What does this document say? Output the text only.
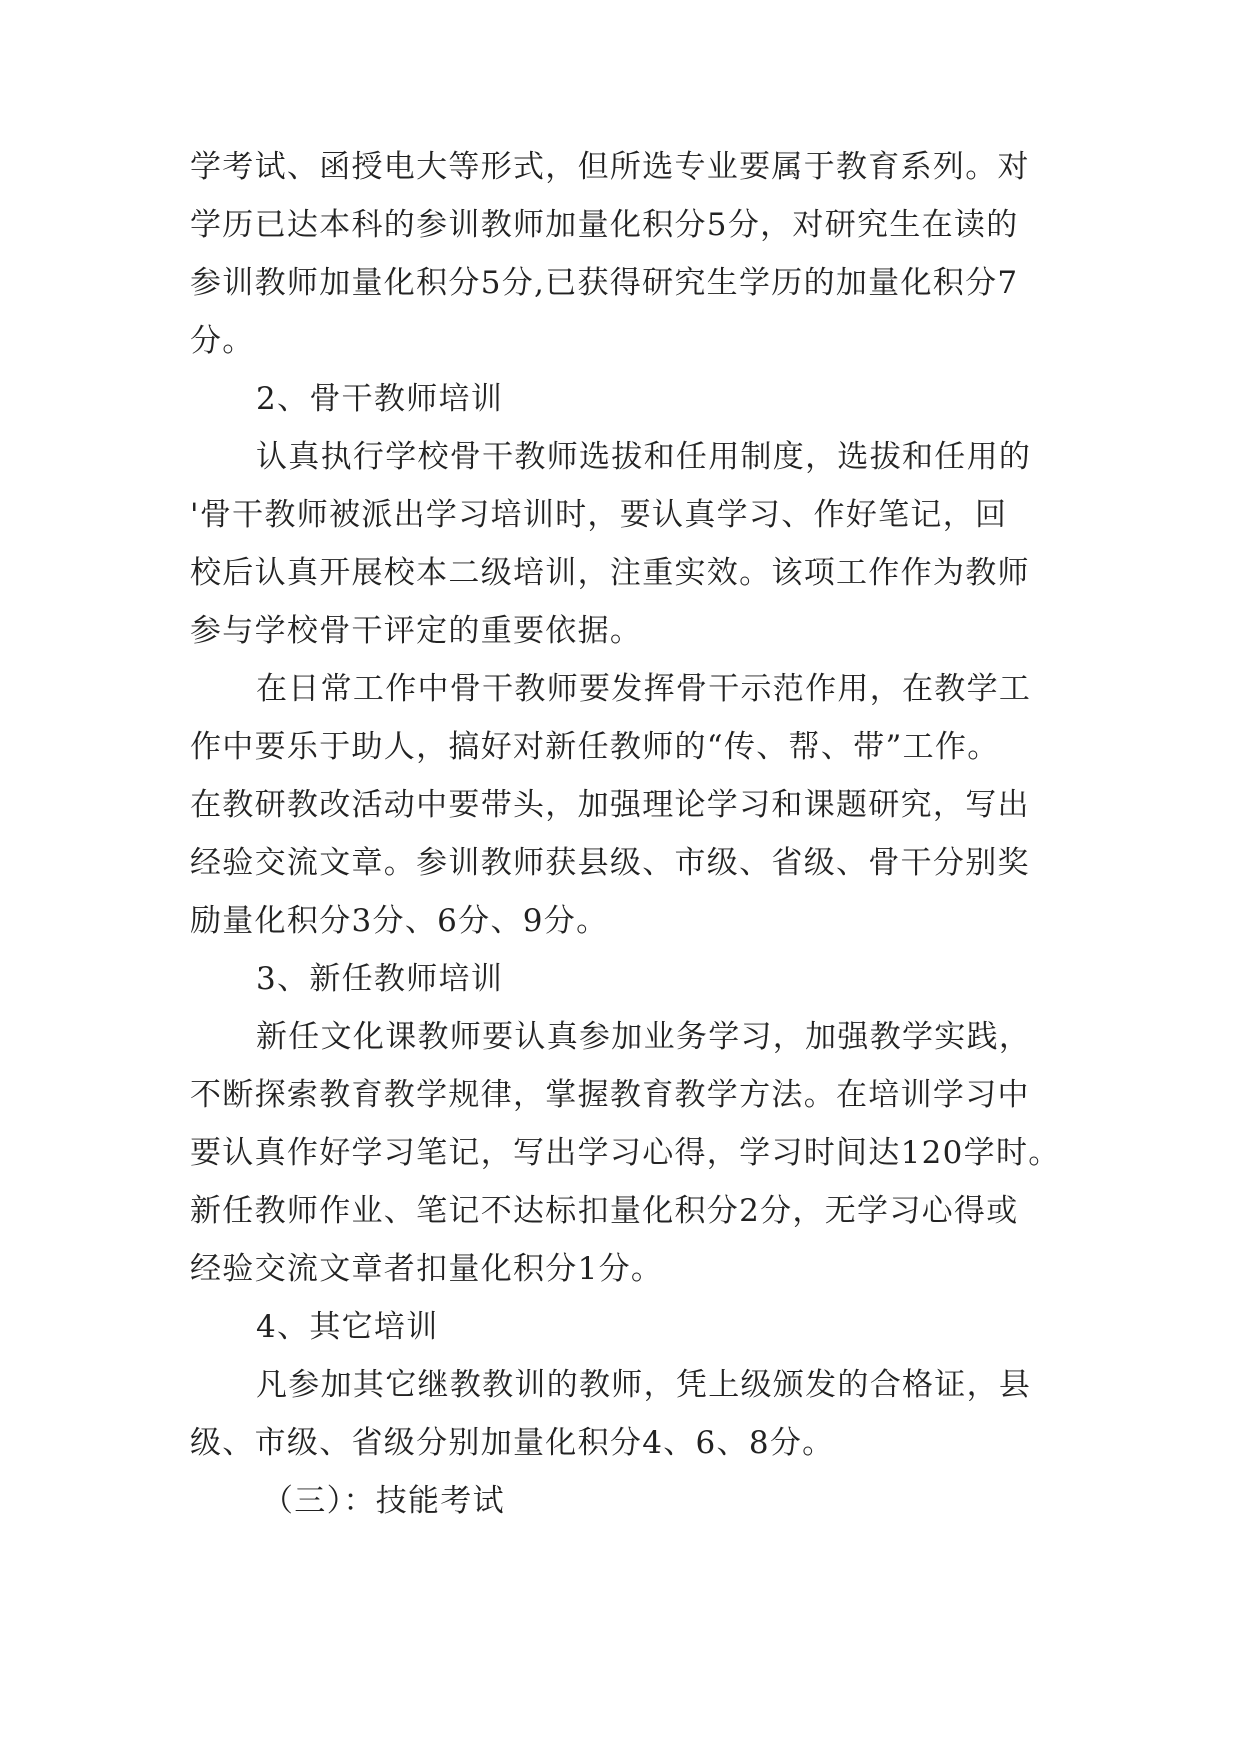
学考试、函授电大等形式，但所选专业要属于教育系列。对

学历已达本科的参训教师加量化积分5分，对研究生在读的

参训教师加量化积分5分,已获得研究生学历的加量化积分7

分。

2、骨干教师培训

认真执行学校骨干教师选拔和任用制度，选拔和任用的

'骨干教师被派出学习培训时，要认真学习、作好笔记，回

校后认真开展校本二级培训，注重实效。该项工作作为教师

参与学校骨干评定的重要依据。

在日常工作中骨干教师要发挥骨干示范作用，在教学工

作中要乐于助人，搞好对新任教师的“传、帮、带”工作。

在教研教改活动中要带头，加强理论学习和课题研究，写出

经验交流文章。参训教师获县级、市级、省级、骨干分别奖

励量化积分3分、6分、9分。

3、新任教师培训

新任文化课教师要认真参加业务学习，加强教学实践，

不断探索教育教学规律，掌握教育教学方法。在培训学习中

要认真作好学习笔记，写出学习心得，学习时间达120学时。

新任教师作业、笔记不达标扣量化积分2分，无学习心得或

经验交流文章者扣量化积分1分。

4、其它培训

凡参加其它继教教训的教师，凭上级颁发的合格证，县

级、市级、省级分别加量化积分4、6、8分。

（三）：技能考试
